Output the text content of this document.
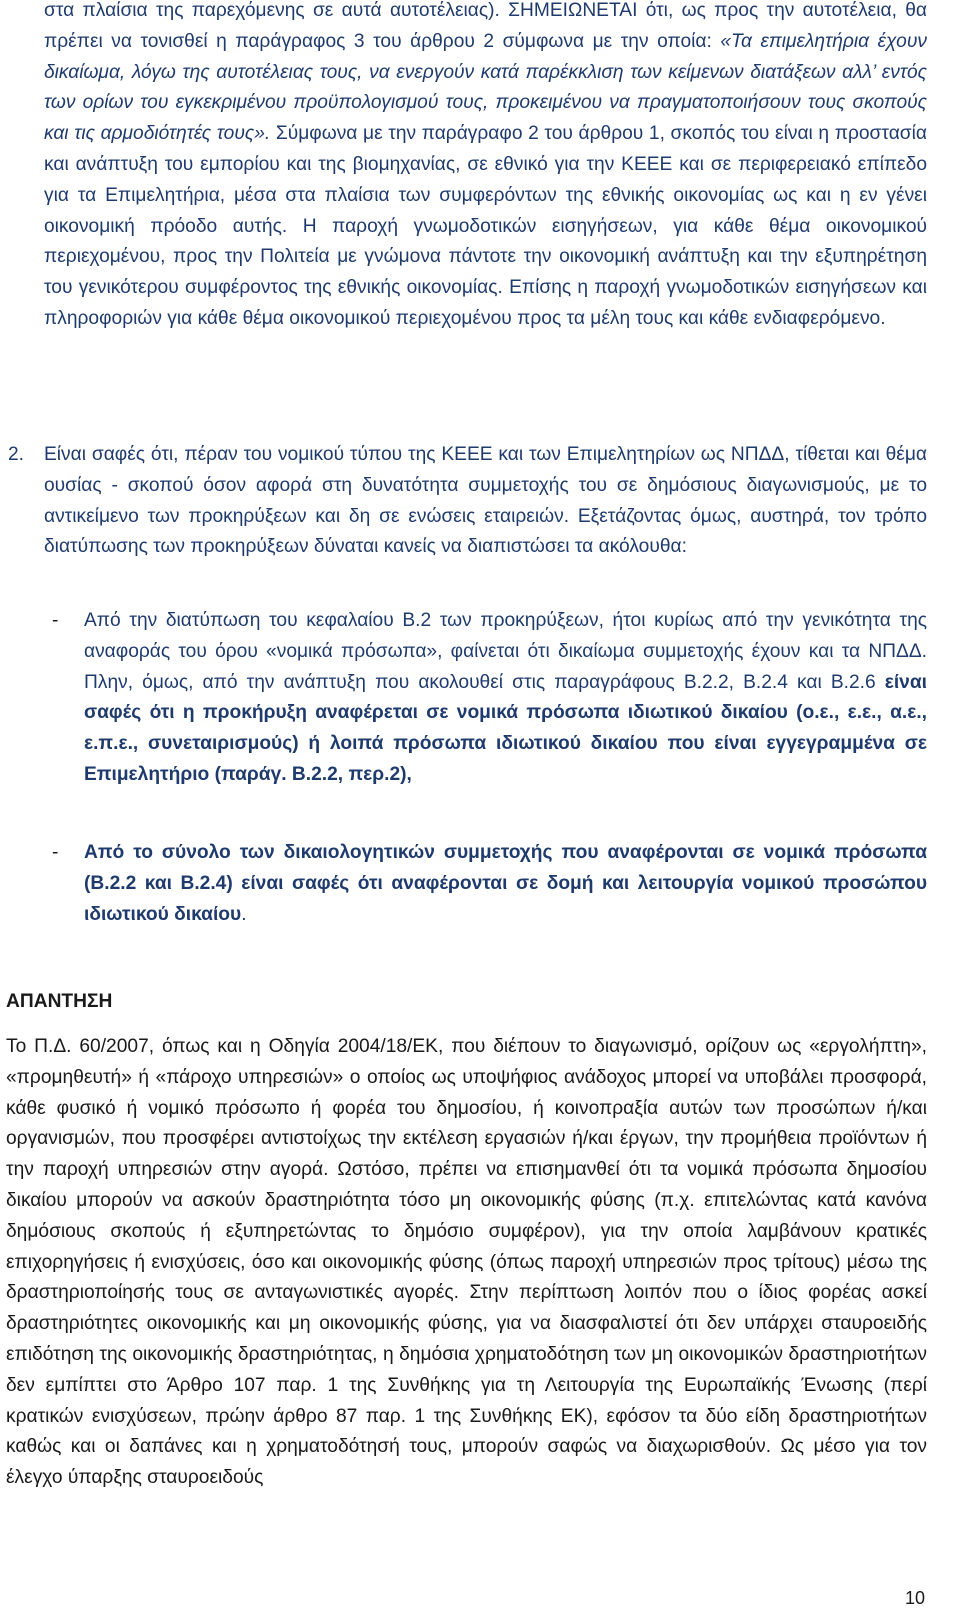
στα πλαίσια της παρεχόμενης σε αυτά αυτοτέλειας). ΣΗΜΕΙΩΝΕΤΑΙ ότι, ως προς την αυτοτέλεια, θα πρέπει να τονισθεί η παράγραφος 3 του άρθρου 2 σύμφωνα με την οποία: «Τα επιμελητήρια έχουν δικαίωμα, λόγω της αυτοτέλειας τους, να ενεργούν κατά παρέκκλιση των κείμενων διατάξεων αλλ’ εντός των ορίων του εγκεκριμένου προϋπολογισμού τους, προκειμένου να πραγματοποιήσουν τους σκοπούς και τις αρμοδιότητές τους». Σύμφωνα με την παράγραφο 2 του άρθρου 1, σκοπός του είναι η προστασία και ανάπτυξη του εμπορίου και της βιομηχανίας, σε εθνικό για την ΚΕΕΕ και σε περιφερειακό επίπεδο για τα Επιμελητήρια, μέσα στα πλαίσια των συμφερόντων της εθνικής οικονομίας ως και η εν γένει οικονομική πρόοδο αυτής. Η παροχή γνωμοδοτικών εισηγήσεων, για κάθε θέμα οικονομικού περιεχομένου, προς την Πολιτεία με γνώμονα πάντοτε την οικονομική ανάπτυξη και την εξυπηρέτηση του γενικότερου συμφέροντος της εθνικής οικονομίας. Επίσης η παροχή γνωμοδοτικών εισηγήσεων και πληροφοριών για κάθε θέμα οικονομικού περιεχομένου προς τα μέλη τους και κάθε ενδιαφερόμενο.
2.	Είναι σαφές ότι, πέραν του νομικού τύπου της ΚΕΕΕ και των Επιμελητηρίων ως ΝΠΔΔ, τίθεται και θέμα ουσίας - σκοπού όσον αφορά στη δυνατότητα συμμετοχής του σε δημόσιους διαγωνισμούς, με το αντικείμενο των προκηρύξεων και δη σε ενώσεις εταιρειών. Εξετάζοντας όμως, αυστηρά, τον τρόπο διατύπωσης των προκηρύξεων δύναται κανείς να διαπιστώσει τα ακόλουθα:
-	Από την διατύπωση του κεφαλαίου Β.2 των προκηρύξεων, ήτοι κυρίως από την γενικότητα της αναφοράς του όρου «νομικά πρόσωπα», φαίνεται ότι δικαίωμα συμμετοχής έχουν και τα ΝΠΔΔ. Πλην, όμως, από την ανάπτυξη που ακολουθεί στις παραγράφους Β.2.2, Β.2.4 και Β.2.6 είναι σαφές ότι η προκήρυξη αναφέρεται σε νομικά πρόσωπα ιδιωτικού δικαίου (ο.ε., ε.ε., α.ε., ε.π.ε., συνεταιρισμούς) ή λοιπά πρόσωπα ιδιωτικού δικαίου που είναι εγγεγραμμένα σε Επιμελητήριο (παράγ. Β.2.2, περ.2),
-	Από το σύνολο των δικαιολογητικών συμμετοχής που αναφέρονται σε νομικά πρόσωπα (Β.2.2 και Β.2.4) είναι σαφές ότι αναφέρονται σε δομή και λειτουργία νομικού προσώπου ιδιωτικού δικαίου.
ΑΠΑΝΤΗΣΗ
Το Π.Δ. 60/2007, όπως και η Οδηγία 2004/18/ΕΚ, που διέπουν το διαγωνισμό, ορίζουν ως «εργολήπτη», «προμηθευτή» ή «πάροχο υπηρεσιών» ο οποίος ως υποψήφιος ανάδοχος μπορεί να υποβάλει προσφορά, κάθε φυσικό ή νομικό πρόσωπο ή φορέα του δημοσίου, ή κοινοπραξία αυτών των προσώπων ή/και οργανισμών, που προσφέρει αντιστοίχως την εκτέλεση εργασιών ή/και έργων, την προμήθεια προϊόντων ή την παροχή υπηρεσιών στην αγορά. Ωστόσο, πρέπει να επισημανθεί ότι τα νομικά πρόσωπα δημοσίου δικαίου μπορούν να ασκούν δραστηριότητα τόσο μη οικονομικής φύσης (π.χ. επιτελώντας κατά κανόνα δημόσιους σκοπούς ή εξυπηρετώντας το δημόσιο συμφέρον), για την οποία λαμβάνουν κρατικές επιχορηγήσεις ή ενισχύσεις, όσο και οικονομικής φύσης (όπως παροχή υπηρεσιών προς τρίτους) μέσω της δραστηριοποίησής τους σε ανταγωνιστικές αγορές. Στην περίπτωση λοιπόν που ο ίδιος φορέας ασκεί δραστηριότητες οικονομικής και μη οικονομικής φύσης, για να διασφαλιστεί ότι δεν υπάρχει σταυροειδής επιδότηση της οικονομικής δραστηριότητας, η δημόσια χρηματοδότηση των μη οικονομικών δραστηριοτήτων δεν εμπίπτει στο Άρθρο 107 παρ. 1 της Συνθήκης για τη Λειτουργία της Ευρωπαϊκής Ένωσης (περί κρατικών ενισχύσεων, πρώην άρθρο 87 παρ. 1 της Συνθήκης ΕΚ), εφόσον τα δύο είδη δραστηριοτήτων καθώς και οι δαπάνες και η χρηματοδότησή τους, μπορούν σαφώς να διαχωρισθούν. Ως μέσο για τον έλεγχο ύπαρξης σταυροειδούς
10
